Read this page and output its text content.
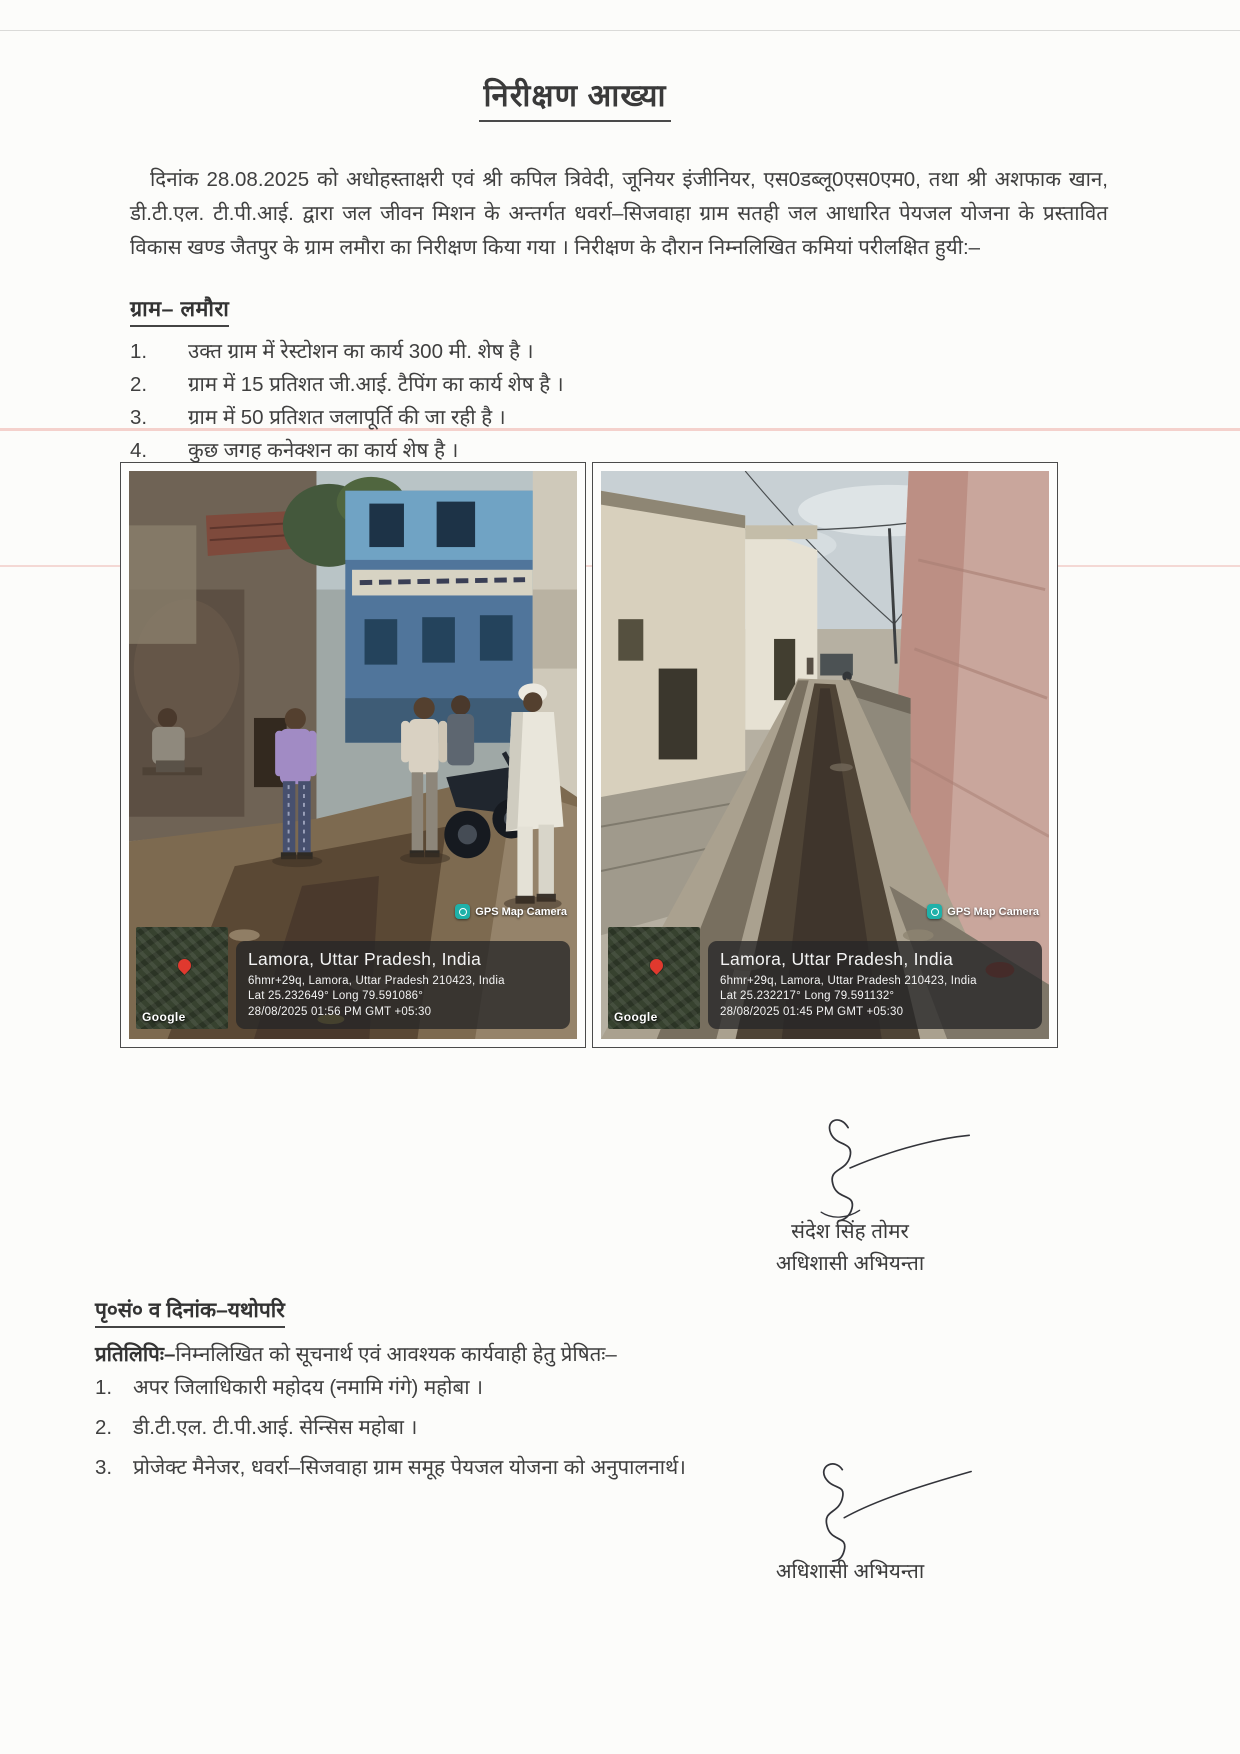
निरीक्षण आख्या

दिनांक 28.08.2025 को अधोहस्ताक्षरी एवं श्री कपिल त्रिवेदी, जूनियर इंजीनियर, एस0डब्लू0एस0एम0, तथा श्री अशफाक खान, डी.टी.एल. टी.पी.आई. द्वारा जल जीवन मिशन के अन्तर्गत धवर्रा–सिजवाहा ग्राम सतही जल आधारित पेयजल योजना के प्रस्तावित विकास खण्ड जैतपुर के ग्राम लमौरा का निरीक्षण किया गया । निरीक्षण के दौरान निम्नलिखित कमियां परीलक्षित हुयी:–

ग्राम– लमौरा
1.	उक्त ग्राम में रेस्टोशन का कार्य 300 मी. शेष है ।
2.	ग्राम में 15 प्रतिशत जी.आई. टैपिंग का कार्य शेष है ।
3.	ग्राम में 50 प्रतिशत जलापूर्ति की जा रही है ।
4.	कुछ जगह कनेक्शन का कार्य शेष है ।
GPS Map Camera
Google
Lamora, Uttar Pradesh, India
6hmr+29q, Lamora, Uttar Pradesh 210423, India
Lat 25.232649° Long 79.591086°
28/08/2025 01:56 PM GMT +05:30
GPS Map Camera
Google
Lamora, Uttar Pradesh, India
6hmr+29q, Lamora, Uttar Pradesh 210423, India
Lat 25.232217° Long 79.591132°
28/08/2025 01:45 PM GMT +05:30
संदेश सिंह तोमर
अधिशासी अभियन्ता
पृ०सं० व दिनांक–यथोपरि
प्रतिलिपिः–निम्नलिखित को सूचनार्थ एवं आवश्यक कार्यवाही हेतु प्रेषितः–
1.	अपर जिलाधिकारी महोदय (नमामि गंगे) महोबा ।
2.	डी.टी.एल. टी.पी.आई. सेन्सिस महोबा ।
3.	प्रोजेक्ट मैनेजर, धवर्रा–सिजवाहा ग्राम समूह पेयजल योजना को अनुपालनार्थ।
अधिशासी अभियन्ता
